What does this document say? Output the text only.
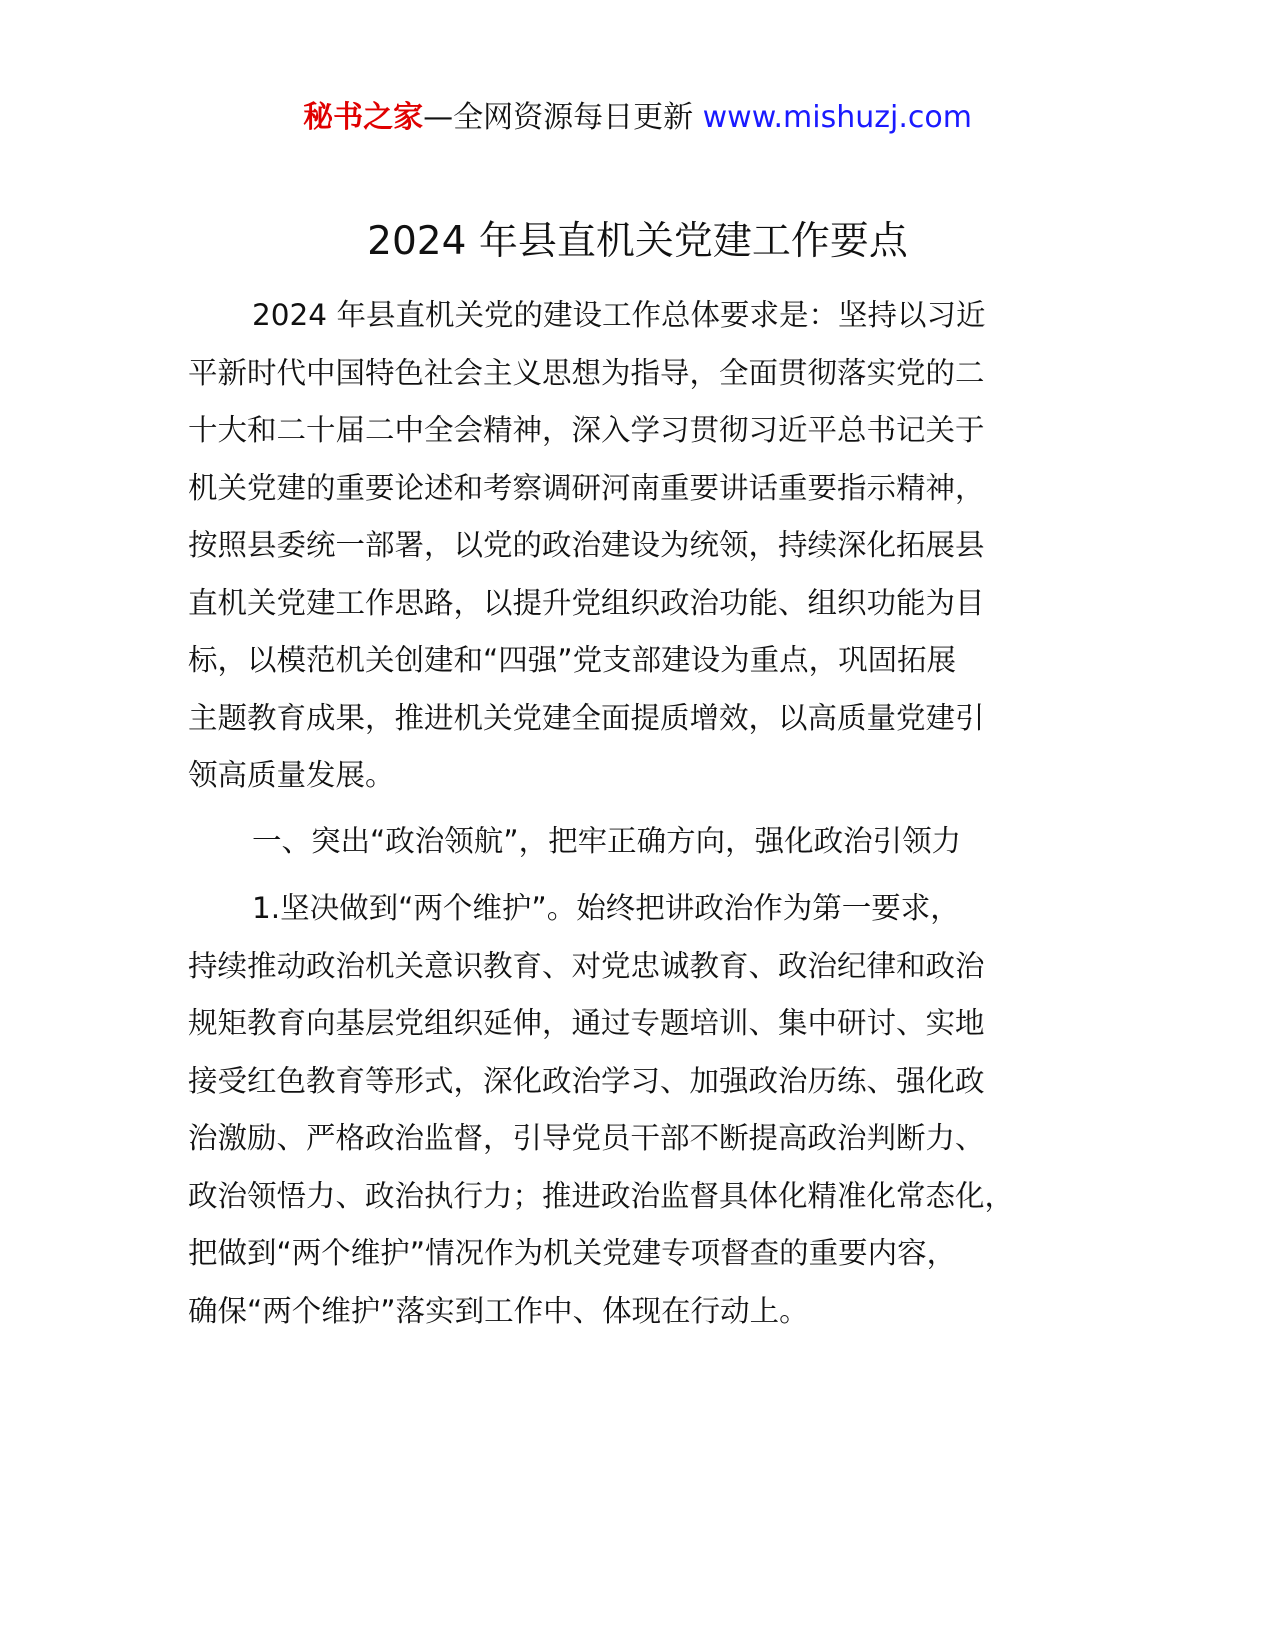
秘书之家—全网资源每日更新 www.mishuzj.com
2024 年县直机关党建工作要点
2024 年县直机关党的建设工作总体要求是：坚持以习近
平新时代中国特色社会主义思想为指导，全面贯彻落实党的二
十大和二十届二中全会精神，深入学习贯彻习近平总书记关于
机关党建的重要论述和考察调研河南重要讲话重要指示精神，
按照县委统一部署，以党的政治建设为统领，持续深化拓展县
直机关党建工作思路，以提升党组织政治功能、组织功能为目
标，以模范机关创建和“四强”党支部建设为重点，巩固拓展
主题教育成果，推进机关党建全面提质增效，以高质量党建引
领高质量发展。
一、突出“政治领航”，把牢正确方向，强化政治引领力
1.坚决做到“两个维护”。始终把讲政治作为第一要求，
持续推动政治机关意识教育、对党忠诚教育、政治纪律和政治
规矩教育向基层党组织延伸，通过专题培训、集中研讨、实地
接受红色教育等形式，深化政治学习、加强政治历练、强化政
治激励、严格政治监督，引导党员干部不断提高政治判断力、
政治领悟力、政治执行力；推进政治监督具体化精准化常态化，
把做到“两个维护”情况作为机关党建专项督查的重要内容，
确保“两个维护”落实到工作中、体现在行动上。
